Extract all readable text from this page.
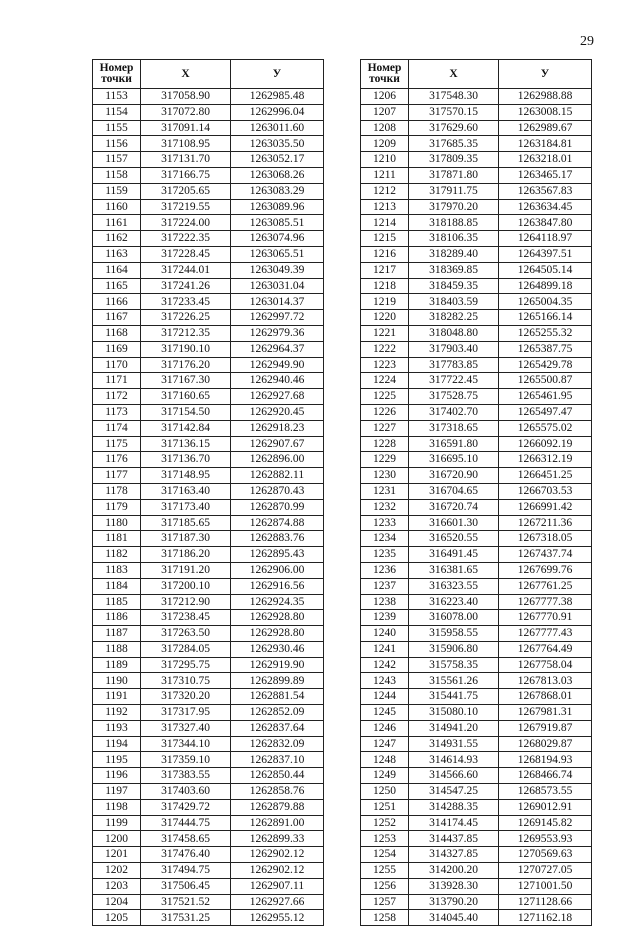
29
Номер
точки	Х	У
1153	317058.90	1262985.48
1154	317072.80	1262996.04
1155	317091.14	1263011.60
1156	317108.95	1263035.50
1157	317131.70	1263052.17
1158	317166.75	1263068.26
1159	317205.65	1263083.29
1160	317219.55	1263089.96
1161	317224.00	1263085.51
1162	317222.35	1263074.96
1163	317228.45	1263065.51
1164	317244.01	1263049.39
1165	317241.26	1263031.04
1166	317233.45	1263014.37
1167	317226.25	1262997.72
1168	317212.35	1262979.36
1169	317190.10	1262964.37
1170	317176.20	1262949.90
1171	317167.30	1262940.46
1172	317160.65	1262927.68
1173	317154.50	1262920.45
1174	317142.84	1262918.23
1175	317136.15	1262907.67
1176	317136.70	1262896.00
1177	317148.95	1262882.11
1178	317163.40	1262870.43
1179	317173.40	1262870.99
1180	317185.65	1262874.88
1181	317187.30	1262883.76
1182	317186.20	1262895.43
1183	317191.20	1262906.00
1184	317200.10	1262916.56
1185	317212.90	1262924.35
1186	317238.45	1262928.80
1187	317263.50	1262928.80
1188	317284.05	1262930.46
1189	317295.75	1262919.90
1190	317310.75	1262899.89
1191	317320.20	1262881.54
1192	317317.95	1262852.09
1193	317327.40	1262837.64
1194	317344.10	1262832.09
1195	317359.10	1262837.10
1196	317383.55	1262850.44
1197	317403.60	1262858.76
1198	317429.72	1262879.88
1199	317444.75	1262891.00
1200	317458.65	1262899.33
1201	317476.40	1262902.12
1202	317494.75	1262902.12
1203	317506.45	1262907.11
1204	317521.52	1262927.66
1205	317531.25	1262955.12
Номер
точки	Х	У
1206	317548.30	1262988.88
1207	317570.15	1263008.15
1208	317629.60	1262989.67
1209	317685.35	1263184.81
1210	317809.35	1263218.01
1211	317871.80	1263465.17
1212	317911.75	1263567.83
1213	317970.20	1263634.45
1214	318188.85	1263847.80
1215	318106.35	1264118.97
1216	318289.40	1264397.51
1217	318369.85	1264505.14
1218	318459.35	1264899.18
1219	318403.59	1265004.35
1220	318282.25	1265166.14
1221	318048.80	1265255.32
1222	317903.40	1265387.75
1223	317783.85	1265429.78
1224	317722.45	1265500.87
1225	317528.75	1265461.95
1226	317402.70	1265497.47
1227	317318.65	1265575.02
1228	316591.80	1266092.19
1229	316695.10	1266312.19
1230	316720.90	1266451.25
1231	316704.65	1266703.53
1232	316720.74	1266991.42
1233	316601.30	1267211.36
1234	316520.55	1267318.05
1235	316491.45	1267437.74
1236	316381.65	1267699.76
1237	316323.55	1267761.25
1238	316223.40	1267777.38
1239	316078.00	1267770.91
1240	315958.55	1267777.43
1241	315906.80	1267764.49
1242	315758.35	1267758.04
1243	315561.26	1267813.03
1244	315441.75	1267868.01
1245	315080.10	1267981.31
1246	314941.20	1267919.87
1247	314931.55	1268029.87
1248	314614.93	1268194.93
1249	314566.60	1268466.74
1250	314547.25	1268573.55
1251	314288.35	1269012.91
1252	314174.45	1269145.82
1253	314437.85	1269553.93
1254	314327.85	1270569.63
1255	314200.20	1270727.05
1256	313928.30	1271001.50
1257	313790.20	1271128.66
1258	314045.40	1271162.18
